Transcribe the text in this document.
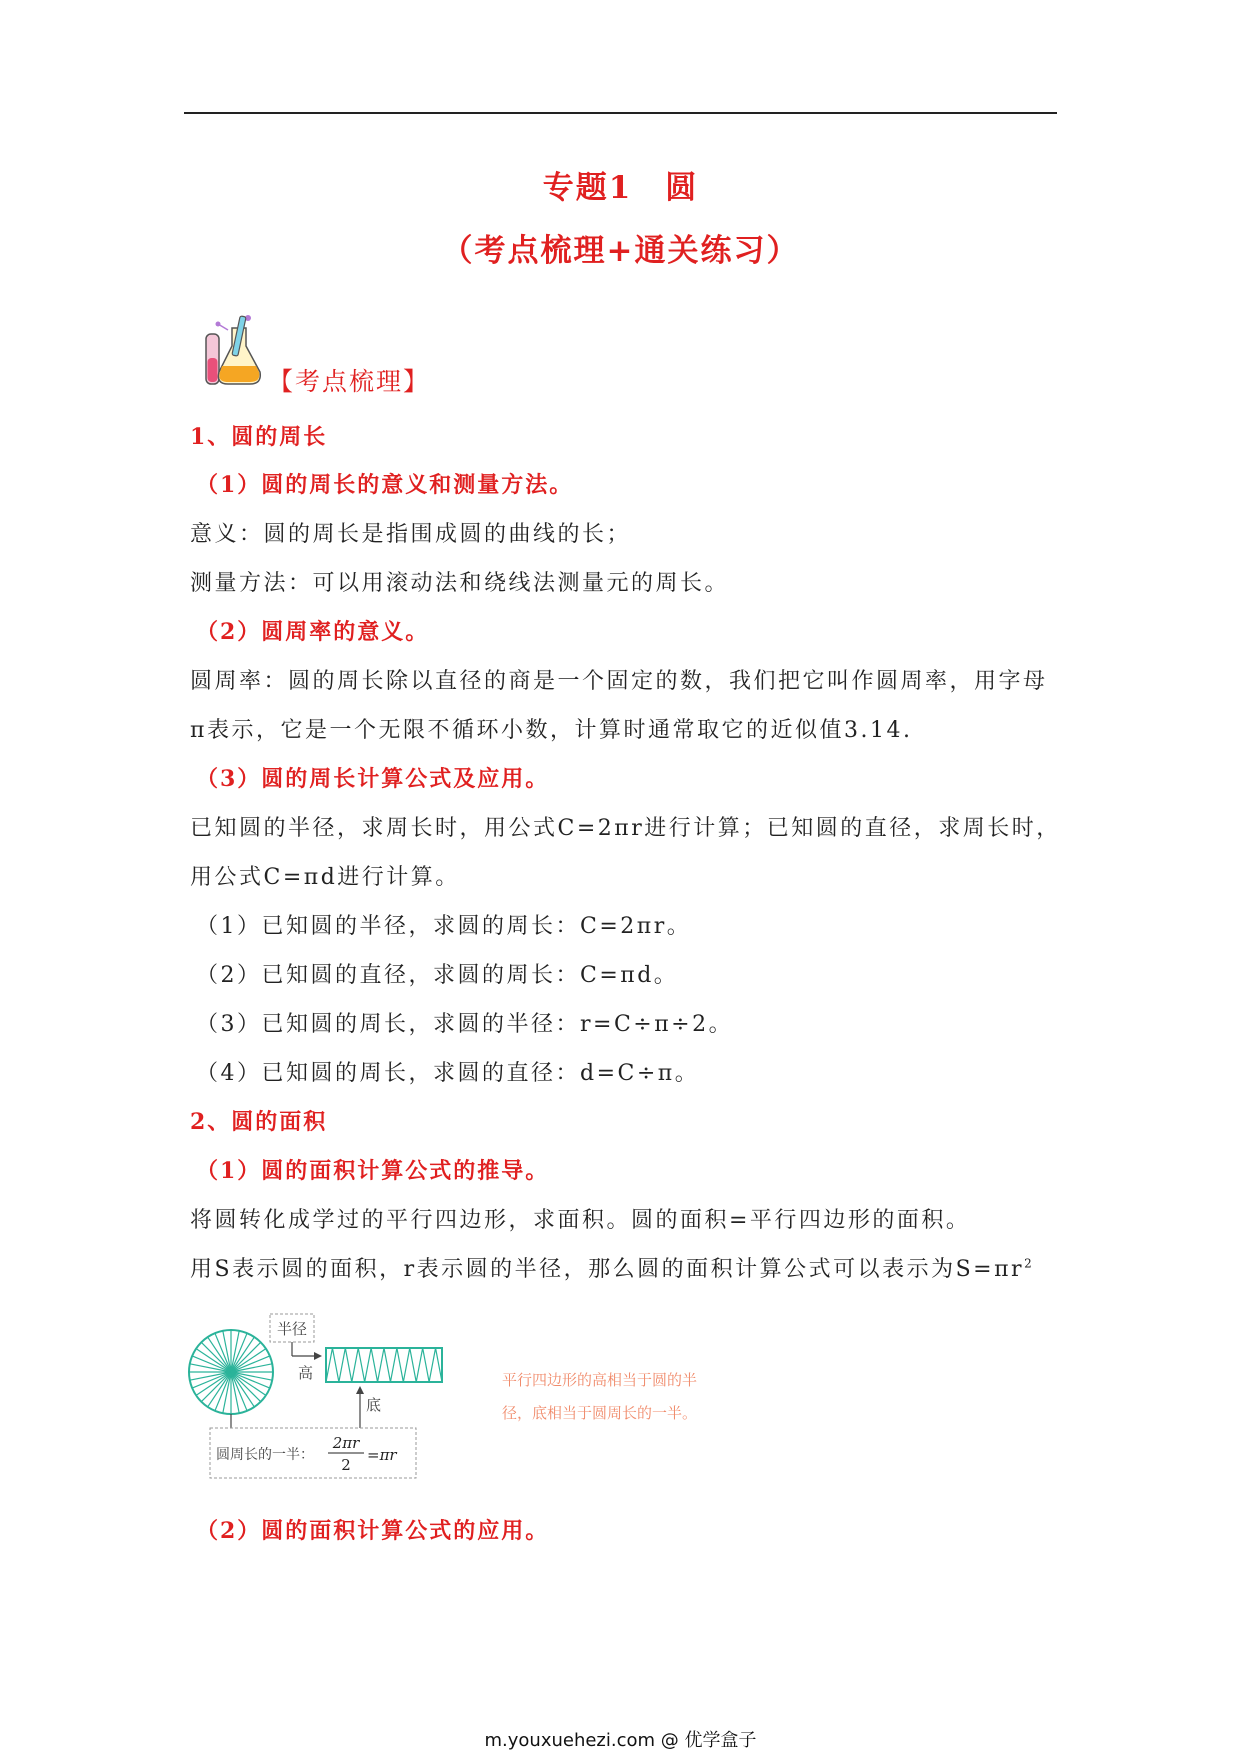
专题1　圆
（考点梳理+通关练习）
【考点梳理】
1、圆的周长
（1）圆的周长的意义和测量方法。
意义：圆的周长是指围成圆的曲线的长；
测量方法：可以用滚动法和绕线法测量元的周长。
（2）圆周率的意义。
圆周率：圆的周长除以直径的商是一个固定的数，我们把它叫作圆周率，用字母
π表示，它是一个无限不循环小数，计算时通常取它的近似值3.14.
（3）圆的周长计算公式及应用。
已知圆的半径，求周长时，用公式C=2πr进行计算；已知圆的直径，求周长时，
用公式C=πd进行计算。
（1）已知圆的半径，求圆的周长：C=2πr。
（2）已知圆的直径，求圆的周长：C=πd。
（3）已知圆的周长，求圆的半径：r=C÷π÷2。
（4）已知圆的周长，求圆的直径：d=C÷π。
2、圆的面积
（1）圆的面积计算公式的推导。
将圆转化成学过的平行四边形，求面积。圆的面积=平行四边形的面积。
用S表示圆的面积，r表示圆的半径，那么圆的面积计算公式可以表示为$S=\pi r^2$
半径
高
底
圆周长的一半：
2πr
2
=πr
平行四边形的高相当于圆的半
径，底相当于圆周长的一半。
（2）圆的面积计算公式的应用。
m.youxuehezi.com @ 优学盒子
